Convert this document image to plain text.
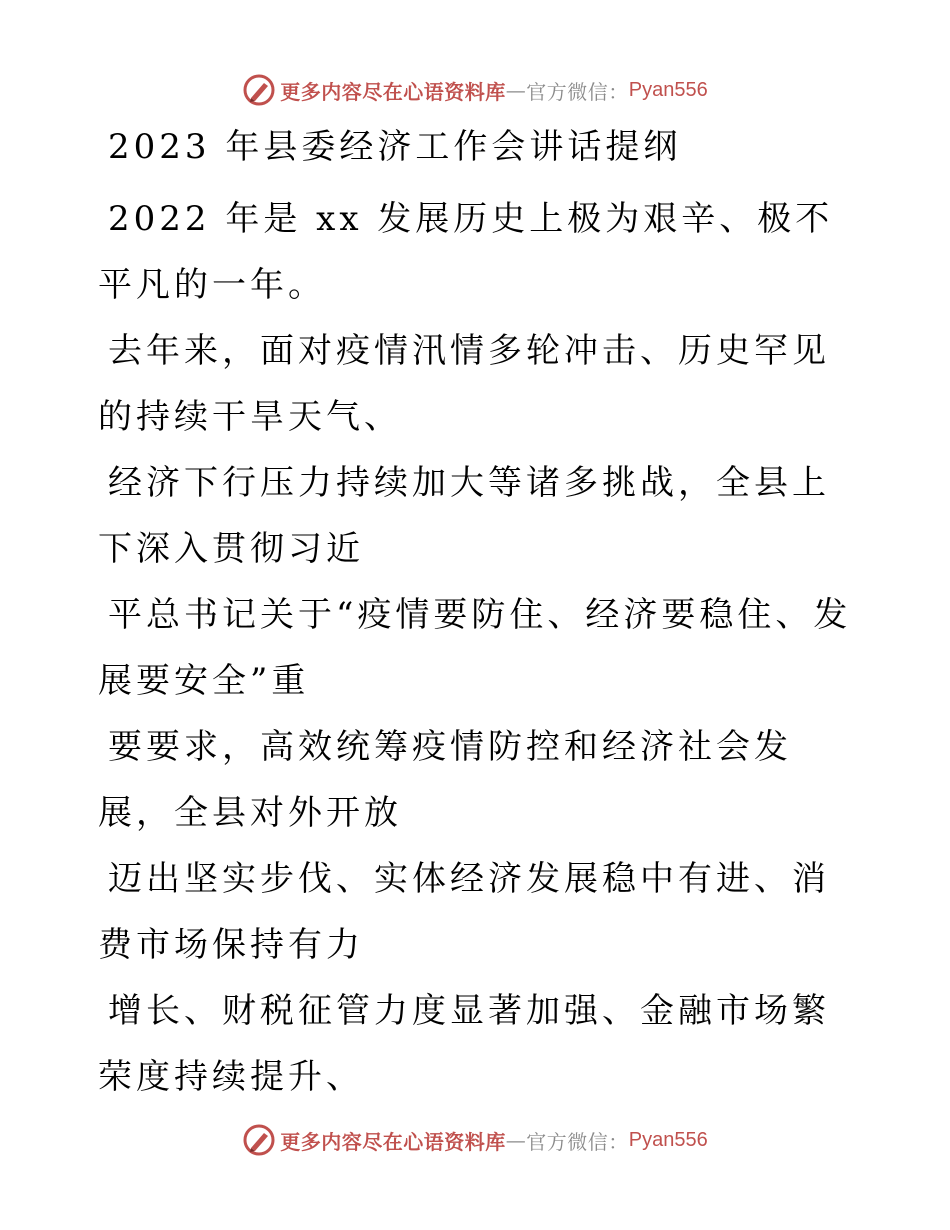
更多内容尽在心语资料库 — 官方微信： Pyan556
2023 年县委经济工作会讲话提纲

2022 年是 xx 发展历史上极为艰辛、极不平凡的一年。

去年来，面对疫情汛情多轮冲击、历史罕见的持续干旱天气、

经济下行压力持续加大等诸多挑战，全县上下深入贯彻习近

平总书记关于“疫情要防住、经济要稳住、发展要安全”重

要要求，高效统筹疫情防控和经济社会发展，全县对外开放

迈出坚实步伐、实体经济发展稳中有进、消费市场保持有力

增长、财税征管力度显著加强、金融市场繁荣度持续提升、

更多内容尽在心语资料库 — 官方微信： Pyan556
